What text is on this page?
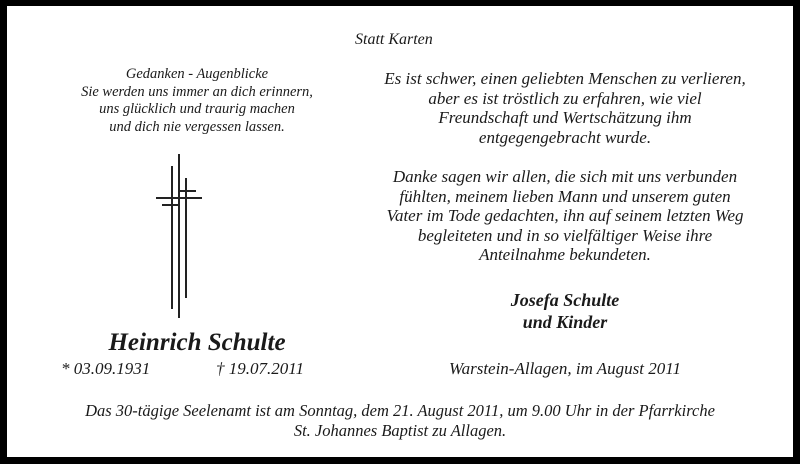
Statt Karten
Gedanken - Augenblicke
Sie werden uns immer an dich erinnern,
uns glücklich und traurig machen
und dich nie vergessen lassen.

Es ist schwer, einen geliebten Menschen zu verlieren,
aber es ist tröstlich zu erfahren, wie viel
Freundschaft und Wertschätzung ihm
entgegengebracht wurde.

Danke sagen wir allen, die sich mit uns verbunden
fühlten, meinem lieben Mann und unserem guten
Vater im Tode gedachten, ihn auf seinem letzten Weg
begleiteten und in so vielfältiger Weise ihre
Anteilnahme bekundeten.

Josefa Schulte
und Kinder
Heinrich Schulte
* 03.09.1931	† 19.07.2011	Warstein-Allagen, im August 2011
Das 30-tägige Seelenamt ist am Sonntag, dem 21. August 2011, um 9.00 Uhr in der Pfarrkirche
St. Johannes Baptist zu Allagen.
